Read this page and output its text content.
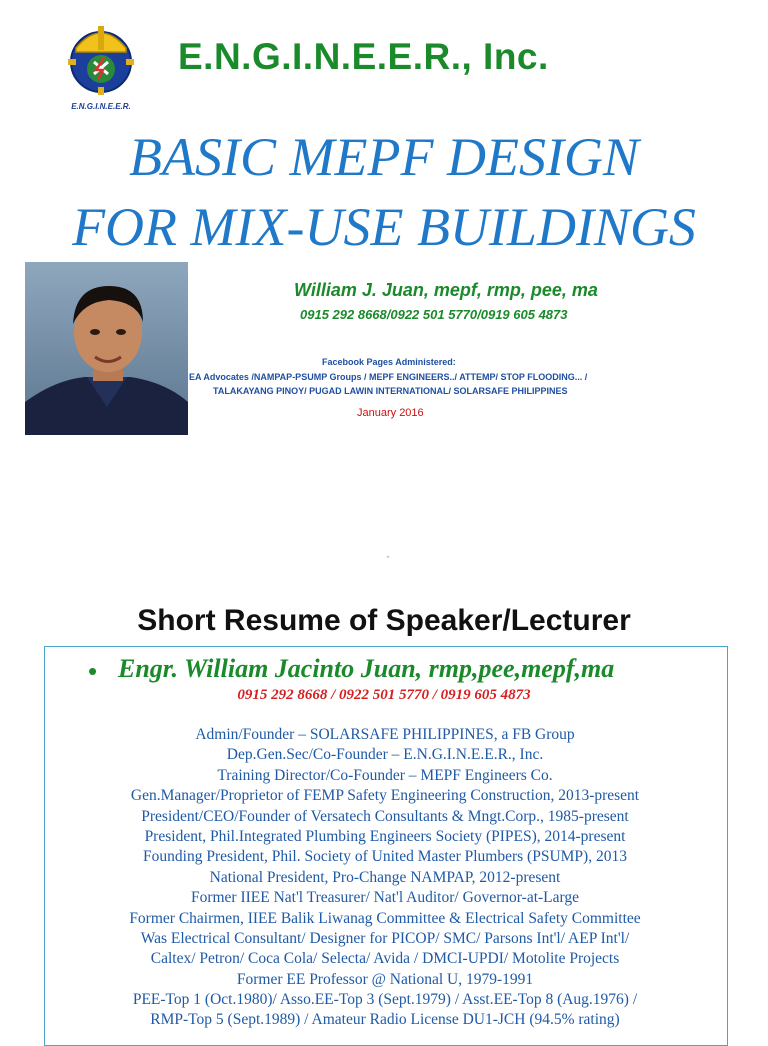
E.N.G.I.N.E.E.R.
E.N.G.I.N.E.E.R., Inc.
BASIC MEPF DESIGN
FOR MIX-USE BUILDINGS
William J. Juan, mepf, rmp, pee, ma
0915 292 8668/0922 501 5770/0919 605 4873
Facebook Pages Administered:
EA Advocates /NAMPAP-PSUMP Groups / MEPF ENGINEERS../ ATTEMP/ STOP FLOODING... /
TALAKAYANG PINOY/ PUGAD LAWIN INTERNATIONAL/ SOLARSAFE PHILIPPINES
January 2016
"
Short Resume of Speaker/Lecturer
• Engr. William Jacinto Juan, rmp,pee,mepf,ma
0915 292 8668 / 0922 501 5770 / 0919 605 4873
Admin/Founder – SOLARSAFE PHILIPPINES, a FB Group
Dep.Gen.Sec/Co-Founder – E.N.G.I.N.E.E.R., Inc.
Training Director/Co-Founder – MEPF Engineers Co.
Gen.Manager/Proprietor of FEMP Safety Engineering Construction, 2013-present
President/CEO/Founder of Versatech Consultants & Mngt.Corp., 1985-present
President, Phil.Integrated Plumbing Engineers Society (PIPES), 2014-present
Founding President, Phil. Society of United Master Plumbers (PSUMP), 2013
National President, Pro-Change NAMPAP, 2012-present
Former IIEE Nat'l Treasurer/ Nat'l Auditor/ Governor-at-Large
Former Chairmen, IIEE Balik Liwanag Committee & Electrical Safety Committee
Was Electrical Consultant/ Designer for PICOP/ SMC/ Parsons Int'l/ AEP Int'l/
Caltex/ Petron/ Coca Cola/ Selecta/ Avida / DMCI-UPDI/ Motolite Projects
Former EE Professor @ National U, 1979-1991
PEE-Top 1 (Oct.1980)/ Asso.EE-Top 3 (Sept.1979) / Asst.EE-Top 8 (Aug.1976) /
RMP-Top 5 (Sept.1989) / Amateur Radio License DU1-JCH (94.5% rating)
